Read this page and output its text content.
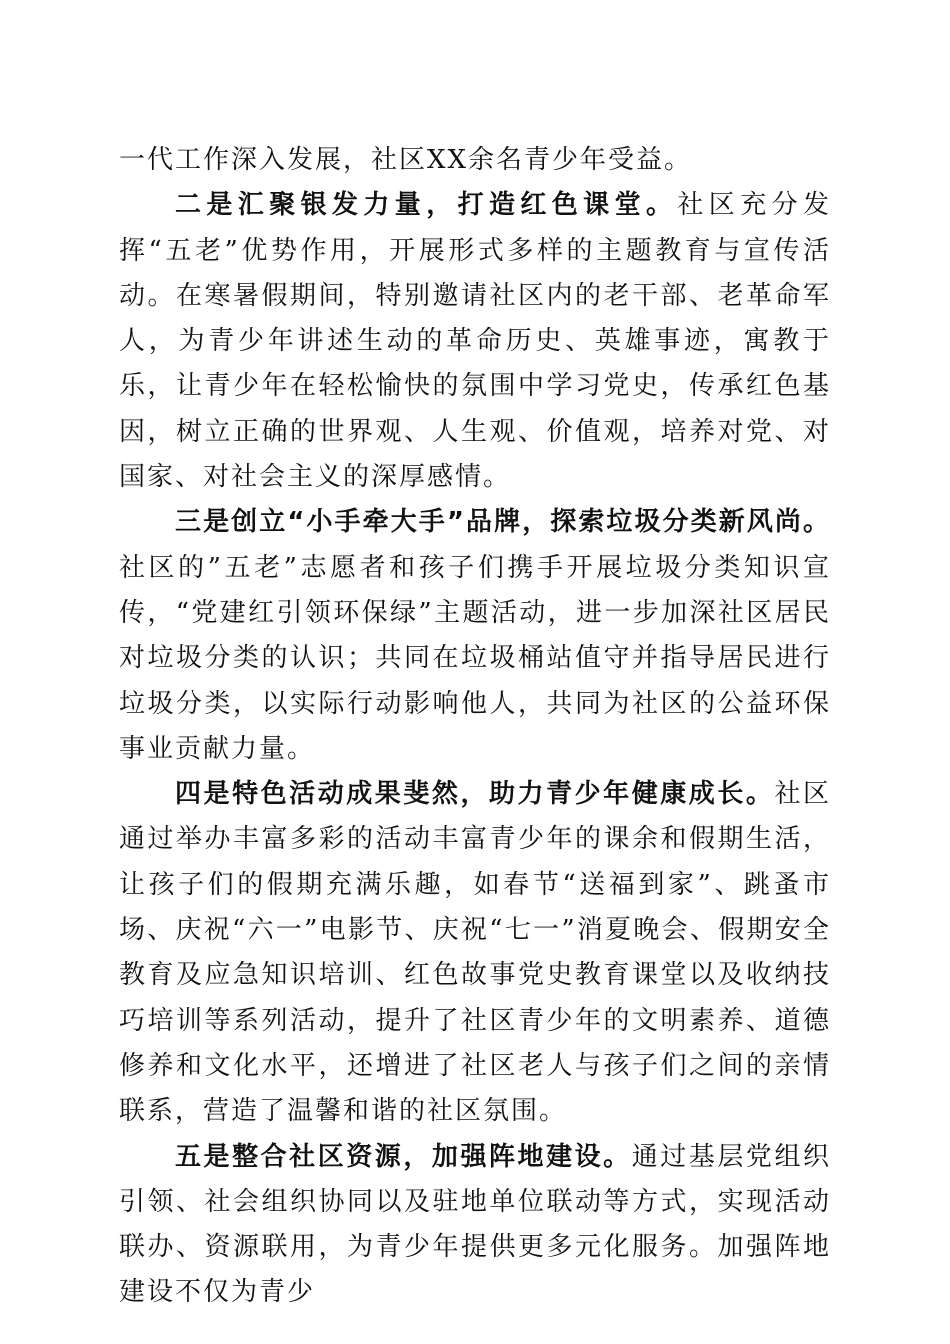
一代工作深入发展，社区XX余名青少年受益。

二是汇聚银发力量，打造红色课堂。社区充分发挥“五老”优势作用，开展形式多样的主题教育与宣传活动。在寒暑假期间，特别邀请社区内的老干部、老革命军人，为青少年讲述生动的革命历史、英雄事迹，寓教于乐，让青少年在轻松愉快的氛围中学习党史，传承红色基因，树立正确的世界观、人生观、价值观，培养对党、对国家、对社会主义的深厚感情。

三是创立“小手牵大手”品牌，探索垃圾分类新风尚。社区的”五老”志愿者和孩子们携手开展垃圾分类知识宣传，“党建红引领环保绿”主题活动，进一步加深社区居民对垃圾分类的认识；共同在垃圾桶站值守并指导居民进行垃圾分类，以实际行动影响他人，共同为社区的公益环保事业贡献力量。

四是特色活动成果斐然，助力青少年健康成长。社区通过举办丰富多彩的活动丰富青少年的课余和假期生活，让孩子们的假期充满乐趣，如春节“送福到家”、跳蚤市场、庆祝“六一”电影节、庆祝“七一”消夏晚会、假期安全教育及应急知识培训、红色故事党史教育课堂以及收纳技巧培训等系列活动，提升了社区青少年的文明素养、道德修养和文化水平，还增进了社区老人与孩子们之间的亲情联系，营造了温馨和谐的社区氛围。

五是整合社区资源，加强阵地建设。通过基层党组织引领、社会组织协同以及驻地单位联动等方式，实现活动联办、资源联用，为青少年提供更多元化服务。加强阵地建设不仅为青少
